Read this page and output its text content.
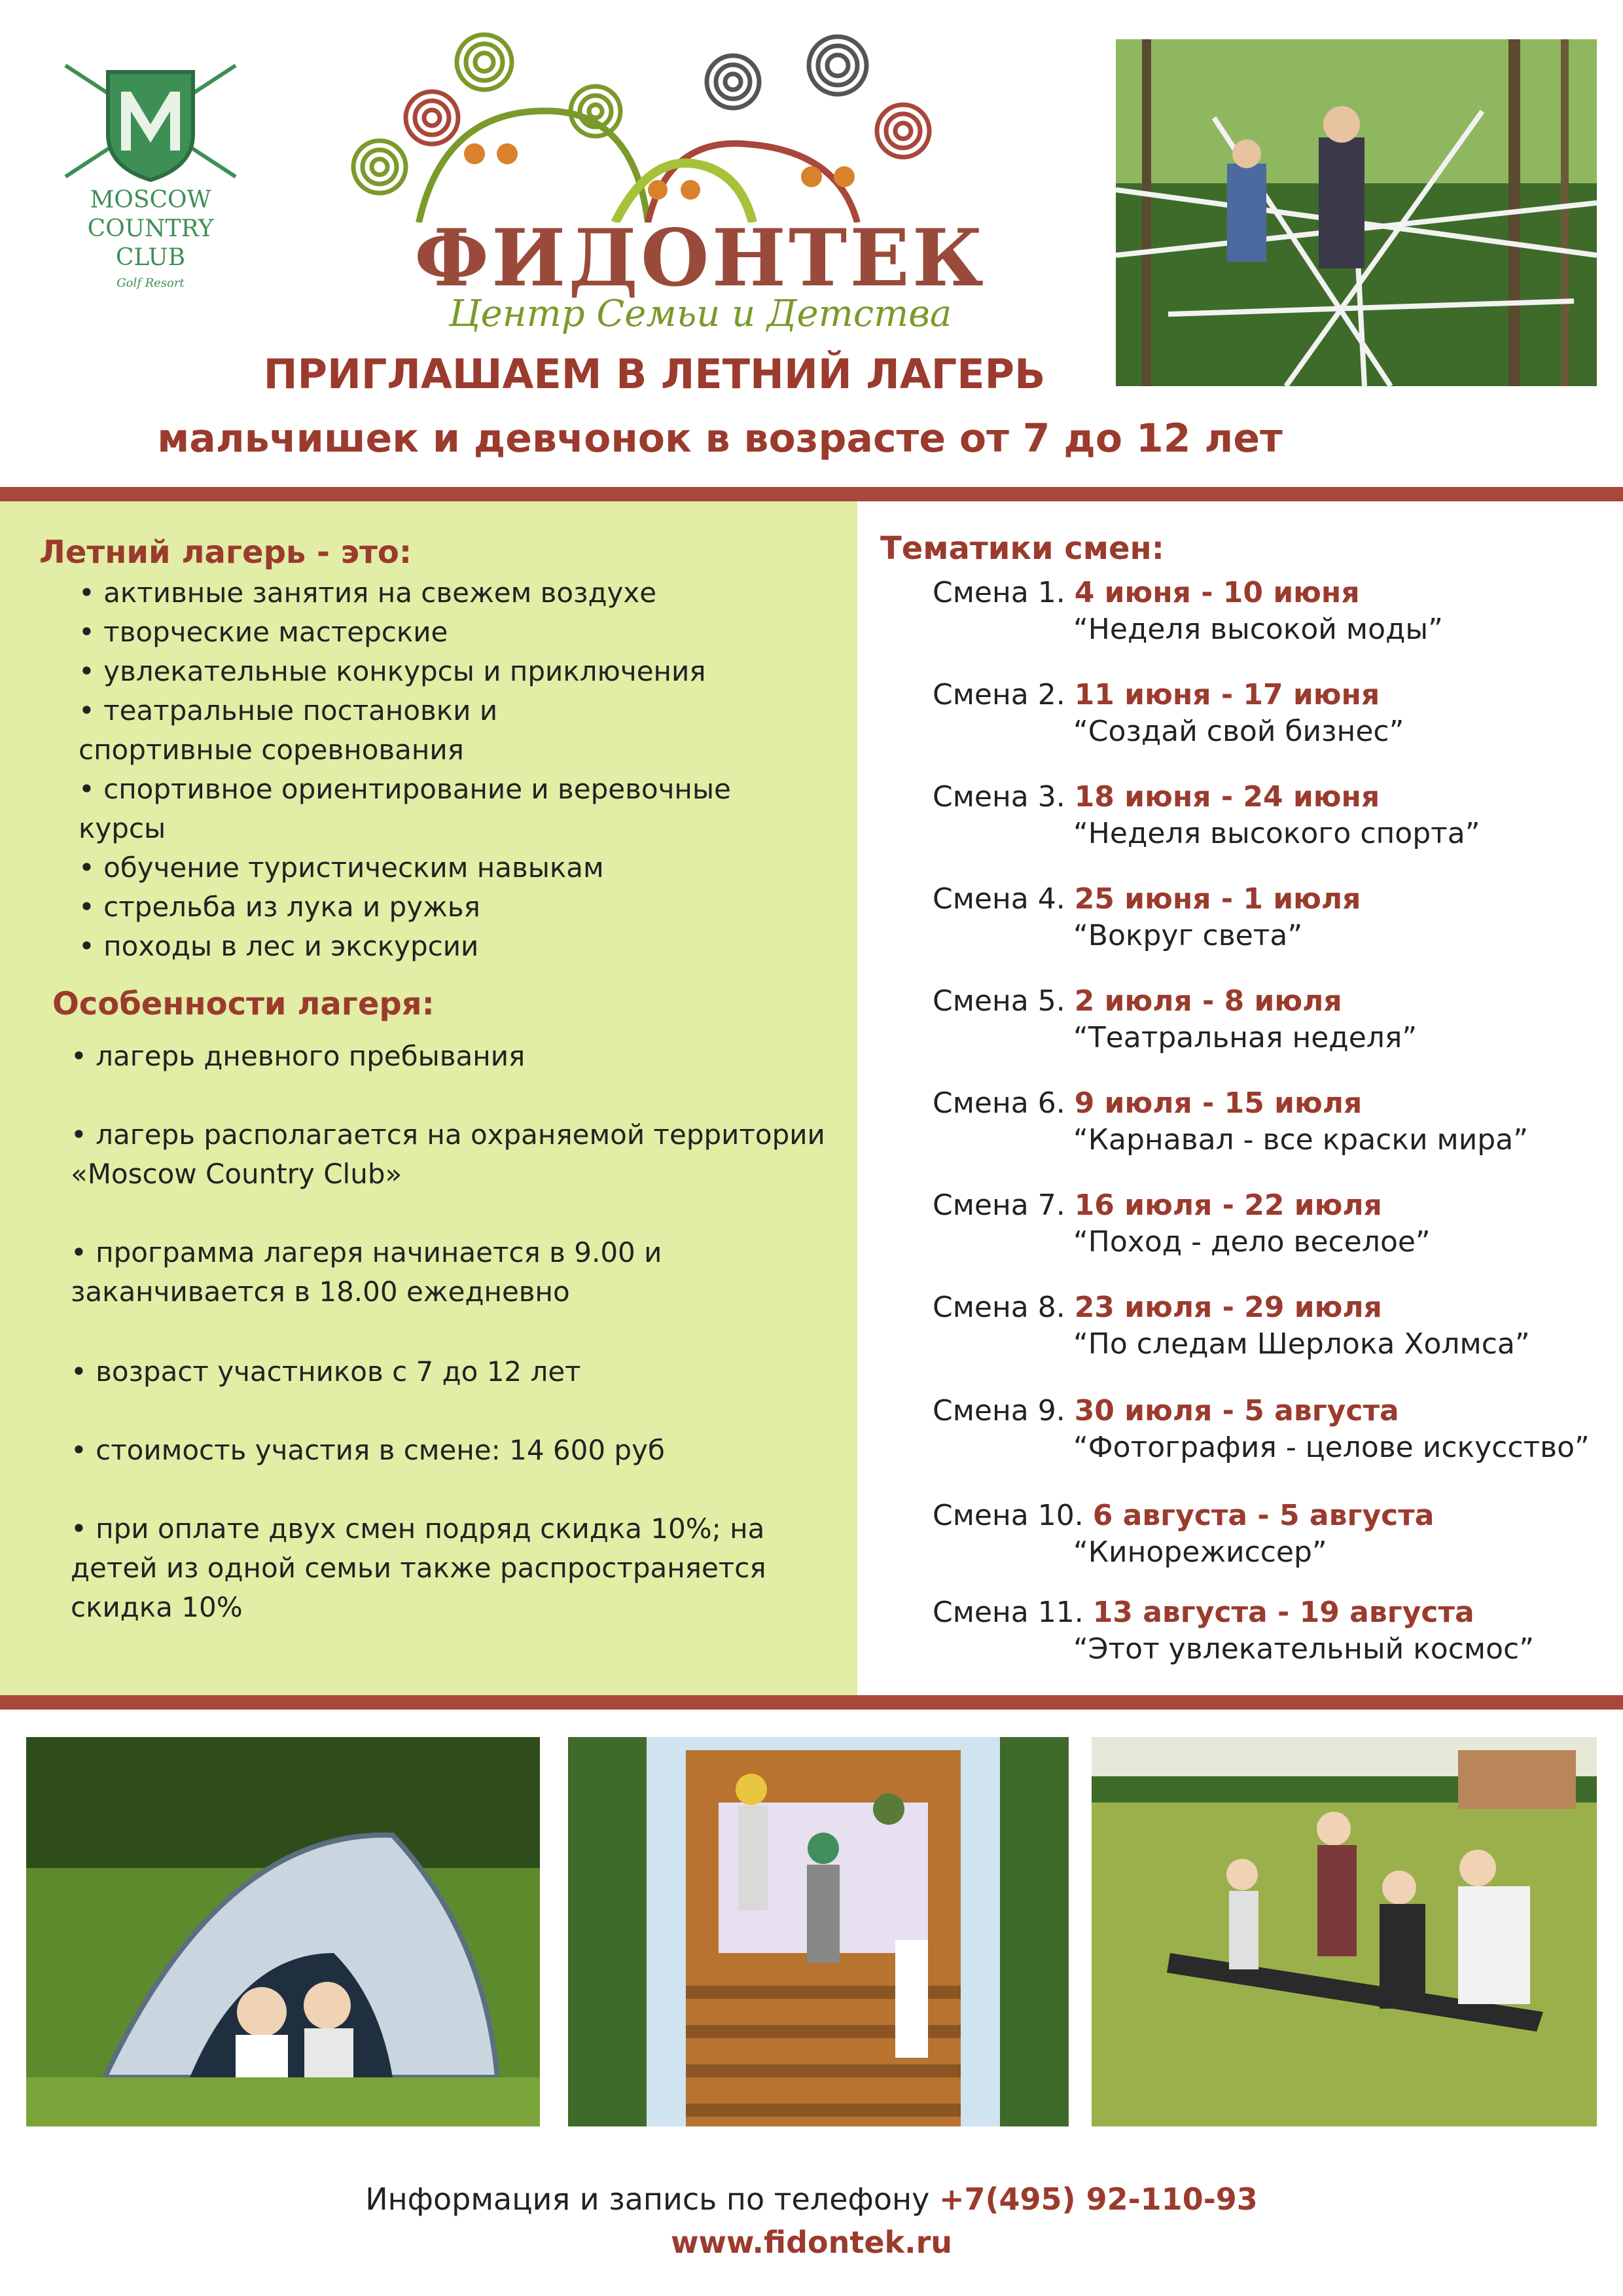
MOSCOW
COUNTRY CLUB
Golf Resort	ФИДОНТЕК
Центр Семьи и Детства
ПРИГЛАШАЕМ В ЛЕТНИЙ ЛАГЕРЬ
мальчишек и девчонок в возрасте от 7 до 12 лет
Летний лагерь - это:
• активные занятия на свежем воздухе
• творческие мастерские
• увлекательные конкурсы и приключения
• театральные постановки и спортивные соревнования
• спортивное ориентирование и веревочные курсы
• обучение туристическим навыкам
• стрельба из лука и ружья
• походы в лес и экскурсии
Особенности лагеря:
• лагерь дневного пребывания
• лагерь располагается на охраняемой территории «Moscow Country Club»
• программа лагеря начинается в 9.00 и заканчивается в 18.00 ежедневно
• возраст участников с 7 до 12 лет
• стоимость участия в смене: 14 600 руб
• при оплате двух смен подряд скидка 10%; на детей из одной семьи также распространяется скидка 10%
Тематики смен:
Смена 1. 4 июня - 10 июня
“Неделя высокой моды”
Смена 2. 11 июня - 17 июня
“Создай свой бизнес”
Смена 3. 18 июня - 24 июня
“Неделя высокого спорта”
Смена 4. 25 июня - 1 июля
“Вокруг света”
Смена 5. 2 июля - 8 июля
“Театральная неделя”
Смена 6. 9 июля - 15 июля
“Карнавал - все краски мира”
Смена 7. 16 июля - 22 июля
“Поход - дело веселое”
Смена 8. 23 июля - 29 июля
“По следам Шерлока Холмса”
Смена 9. 30 июля - 5 августа
“Фотография - целове искусство”
Смена 10. 6 августа - 5 августа
“Кинорежиссер”
Смена 11. 13 августа - 19 августа
“Этот увлекательный космос”
Информация и запись по телефону +7(495) 92-110-93
www.fidontek.ru
